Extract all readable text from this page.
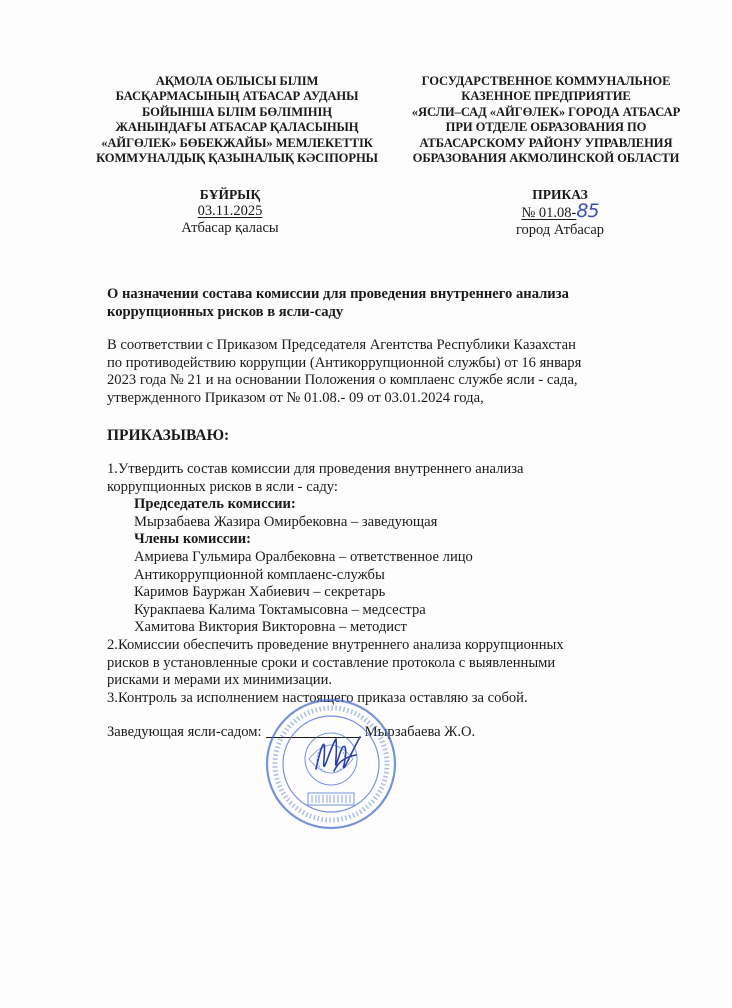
АҚМОЛА ОБЛЫСЫ БІЛІМ
БАСҚАРМАСЫНЫҢ АТБАСАР АУДАНЫ
БОЙЫНША БІЛІМ БӨЛІМІНІҢ
ЖАНЫНДАҒЫ АТБАСАР ҚАЛАСЫНЫҢ
«АЙГӨЛЕК» БӨБЕКЖАЙЫ» МЕМЛЕКЕТТІК
КОММУНАЛДЫҚ ҚАЗЫНАЛЫҚ КӘСІПОРНЫ
ГОСУДАРСТВЕННОЕ КОММУНАЛЬНОЕ
КАЗЕННОЕ ПРЕДПРИЯТИЕ
«ЯСЛИ–САД «АЙГӨЛЕК» ГОРОДА АТБАСАР
ПРИ ОТДЕЛЕ ОБРАЗОВАНИЯ ПО
АТБАСАРСКОМУ РАЙОНУ УПРАВЛЕНИЯ
ОБРАЗОВАНИЯ АКМОЛИНСКОЙ ОБЛАСТИ
БҰЙРЫҚ
03.11.2025
Атбасар қаласы
ПРИКАЗ
№ 01.08-85
город Атбасар
О назначении состава комиссии для проведения внутреннего анализа
коррупционных рисков в ясли-саду

В соответствии с Приказом Председателя Агентства Республики Казахстан

по противодействию коррупции (Антикоррупционной службы) от 16 января

2023 года № 21 и на основании Положения о комплаенс службе ясли - сада,

утвержденного Приказом от № 01.08.- 09 от 03.01.2024 года,

ПРИКАЗЫВАЮ:

1.Утвердить состав комиссии для проведения внутреннего анализа

коррупционных рисков в ясли - саду:

Председатель комиссии:

Мырзабаева Жазира Омирбековна – заведующая

Члены комиссии:

Амриева Гульмира Оралбековна – ответственное лицо

Антикоррупционной комплаенс-службы

Каримов Бауржан Хабиевич – секретарь

Куракпаева Калима Токтамысовна – медсестра

Хамитова Виктория Викторовна – методист

2.Комиссии обеспечить проведение внутреннего анализа коррупционных

рисков в установленные сроки и составление протокола с выявленными

рисками и мерами их минимизации.

3.Контроль за исполнением настоящего приказа оставляю за собой.

Заведующая ясли-садом:	Мырзабаева Ж.О.
